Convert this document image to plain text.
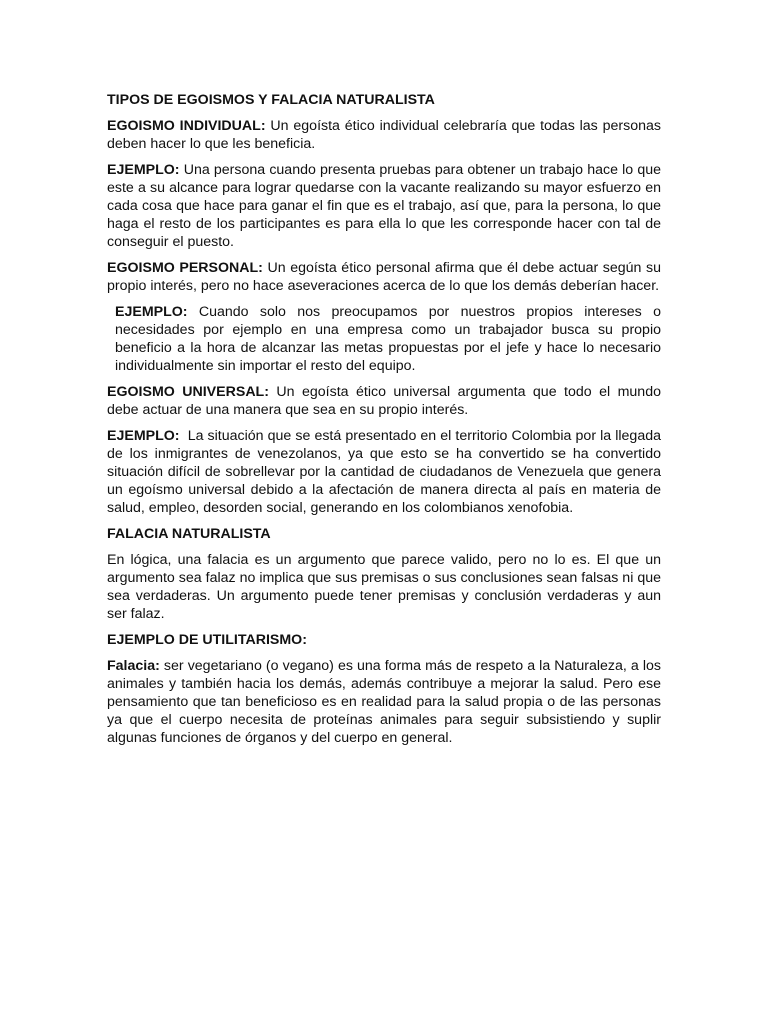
TIPOS DE EGOISMOS Y FALACIA NATURALISTA
EGOISMO INDIVIDUAL: Un egoísta ético individual celebraría que todas las personas deben hacer lo que les beneficia.
EJEMPLO: Una persona cuando presenta pruebas para obtener un trabajo hace lo que este a su alcance para lograr quedarse con la vacante realizando su mayor esfuerzo en cada cosa que hace para ganar el fin que es el trabajo, así que, para la persona, lo que haga el resto de los participantes es para ella lo que les corresponde hacer con tal de conseguir el puesto.
EGOISMO PERSONAL: Un egoísta ético personal afirma que él debe actuar según su propio interés, pero no hace aseveraciones acerca de lo que los demás deberían hacer.
EJEMPLO: Cuando solo nos preocupamos por nuestros propios intereses o necesidades por ejemplo en una empresa como un trabajador busca su propio beneficio a la hora de alcanzar las metas propuestas por el jefe y hace lo necesario individualmente sin importar el resto del equipo.
EGOISMO UNIVERSAL: Un egoísta ético universal argumenta que todo el mundo debe actuar de una manera que sea en su propio interés.
EJEMPLO:  La situación que se está presentado en el territorio Colombia por la llegada de los inmigrantes de venezolanos, ya que esto se ha convertido se ha convertido situación difícil de sobrellevar por la cantidad de ciudadanos de Venezuela que genera un egoísmo universal debido a la afectación de manera directa al país en materia de salud, empleo, desorden social, generando en los colombianos xenofobia.
FALACIA NATURALISTA
En lógica, una falacia es un argumento que parece valido, pero no lo es. El que un argumento sea falaz no implica que sus premisas o sus conclusiones sean falsas ni que sea verdaderas. Un argumento puede tener premisas y conclusión verdaderas y aun ser falaz.
EJEMPLO DE UTILITARISMO:
Falacia: ser vegetariano (o vegano) es una forma más de respeto a la Naturaleza, a los animales y también hacia los demás, además contribuye a mejorar la salud. Pero ese pensamiento que tan beneficioso es en realidad para la salud propia o de las personas ya que el cuerpo necesita de proteínas animales para seguir subsistiendo y suplir algunas funciones de órganos y del cuerpo en general.
